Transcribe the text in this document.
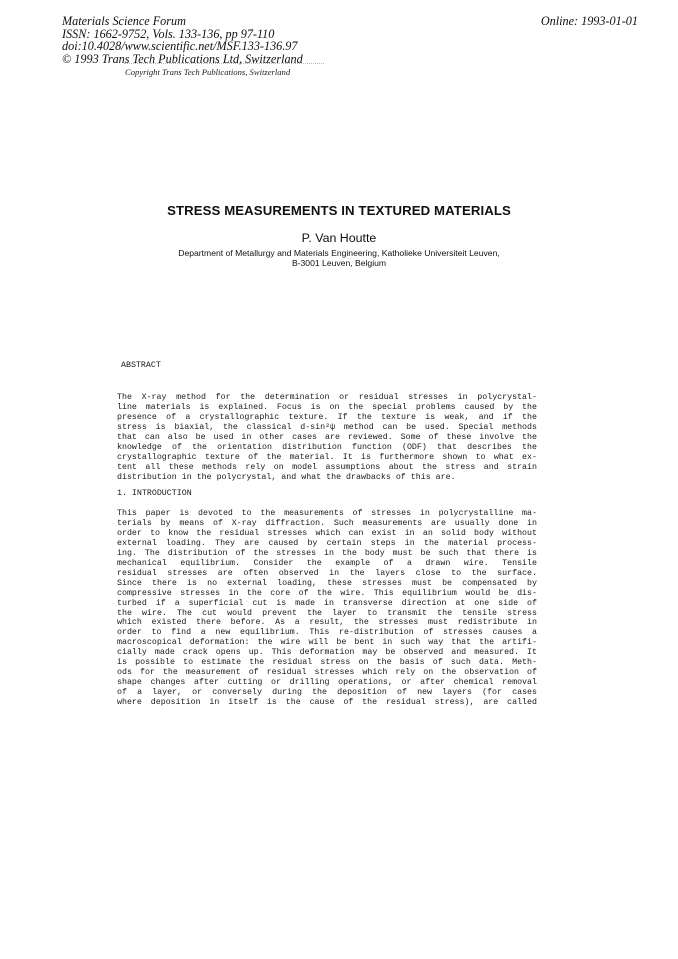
Materials Science Forum
ISSN: 1662-9752, Vols. 133-136, pp 97-110
doi:10.4028/www.scientific.net/MSF.133-136.97
© 1993 Trans Tech Publications Ltd, Switzerland
Online: 1993-01-01
Copyright Trans Tech Publications, Switzerland
STRESS MEASUREMENTS IN TEXTURED MATERIALS
P. Van Houtte
Department of Metallurgy and Materials Engineering, Katholieke Universiteit Leuven,
B-3001 Leuven, Belgium
ABSTRACT
The X-ray method for the determination or residual stresses in polycrystal-
line materials is explained. Focus is on the special problems caused by the
presence of a crystallographic texture. If the texture is weak, and if the
stress is biaxial, the classical d-sin²ψ method can be used. Special methods
that can also be used in other cases are reviewed. Some of these involve the
knowledge of the orientation distribution function (ODF) that describes the
crystallographic texture of the material. It is furthermore shown to what ex-
tent all these methods rely on model assumptions about the stress and strain
distribution in the polycrystal, and what the drawbacks of this are.
1. INTRODUCTION
This paper is devoted to the measurements of stresses in polycrystalline ma-
terials by means of X-ray diffraction. Such measurements are usually done in
order to know the residual stresses which can exist in an solid body without
external loading. They are caused by certain steps in the material process-
ing. The distribution of the stresses in the body must be such that there is
mechanical equilibrium. Consider the example of a drawn wire. Tensile
residual stresses are often observed in the layers close to the surface.
Since there is no external loading, these stresses must be compensated by
compressive stresses in the core of the wire. This equilibrium would be dis-
turbed if a superficial cut is made in transverse direction at one side of
the wire. The cut would prevent the layer to transmit the tensile stress
which existed there before. As a result, the stresses must redistribute in
order to find a new equilibrium. This re-distribution of stresses causes a
macroscopical deformation: the wire will be bent in such way that the artifi-
cially made crack opens up. This deformation may be observed and measured. It
is possible to estimate the residual stress on the basis of such data. Meth-
ods for the measurement of residual stresses which rely on the observation of
shape changes after cutting or drilling operations, or after chemical removal
of a layer, or conversely during the deposition of new layers (for cases
where deposition in itself is the cause of the residual stress), are called
